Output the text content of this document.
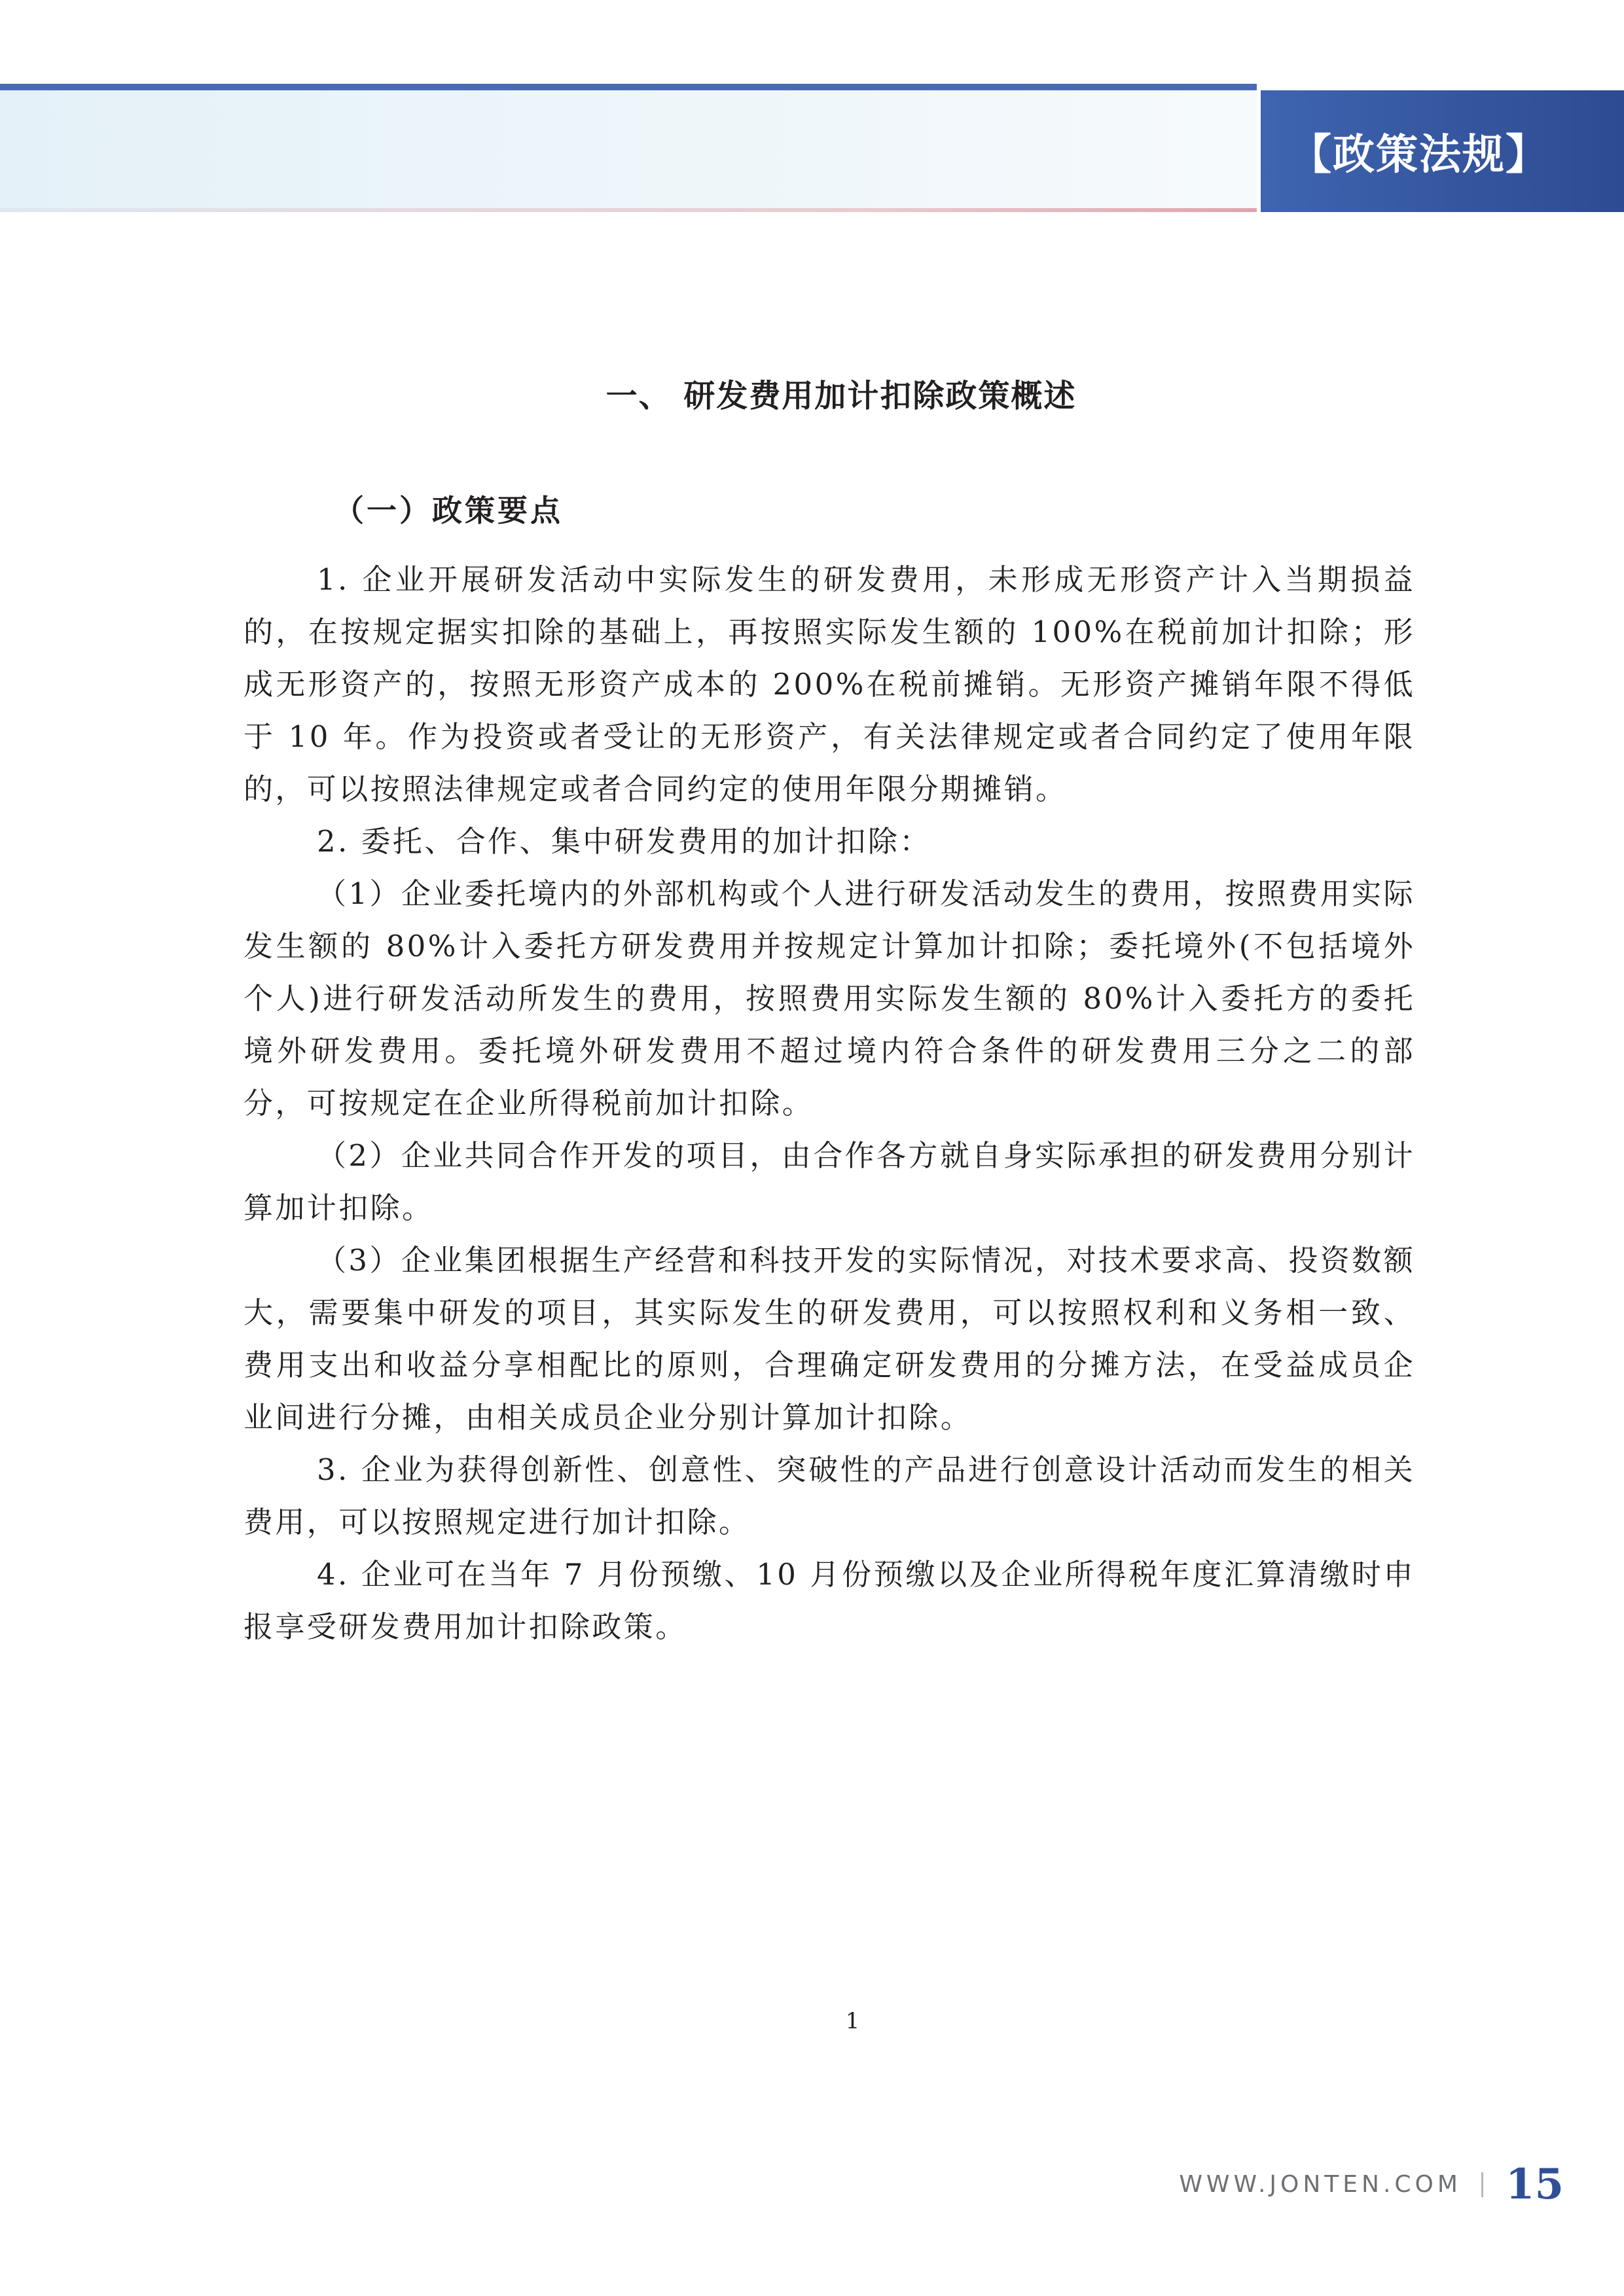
【政策法规】
一、 研发费用加计扣除政策概述
（一）政策要点

1. 企业开展研发活动中实际发生的研发费用，未形成无形资产计入当期损益的，在按规定据实扣除的基础上，再按照实际发生额的 100%在税前加计扣除；形成无形资产的，按照无形资产成本的 200%在税前摊销。无形资产摊销年限不得低于 10 年。作为投资或者受让的无形资产，有关法律规定或者合同约定了使用年限的，可以按照法律规定或者合同约定的使用年限分期摊销。

2. 委托、合作、集中研发费用的加计扣除：

（1）企业委托境内的外部机构或个人进行研发活动发生的费用，按照费用实际发生额的 80%计入委托方研发费用并按规定计算加计扣除；委托境外(不包括境外个人)进行研发活动所发生的费用，按照费用实际发生额的 80%计入委托方的委托境外研发费用。委托境外研发费用不超过境内符合条件的研发费用三分之二的部分，可按规定在企业所得税前加计扣除。

（2）企业共同合作开发的项目，由合作各方就自身实际承担的研发费用分别计算加计扣除。

（3）企业集团根据生产经营和科技开发的实际情况，对技术要求高、投资数额大，需要集中研发的项目，其实际发生的研发费用，可以按照权利和义务相一致、费用支出和收益分享相配比的原则，合理确定研发费用的分摊方法，在受益成员企业间进行分摊，由相关成员企业分别计算加计扣除。

3. 企业为获得创新性、创意性、突破性的产品进行创意设计活动而发生的相关费用，可以按照规定进行加计扣除。

4. 企业可在当年 7 月份预缴、10 月份预缴以及企业所得税年度汇算清缴时申报享受研发费用加计扣除政策。

1
WWW.JONTEN.COM 15
